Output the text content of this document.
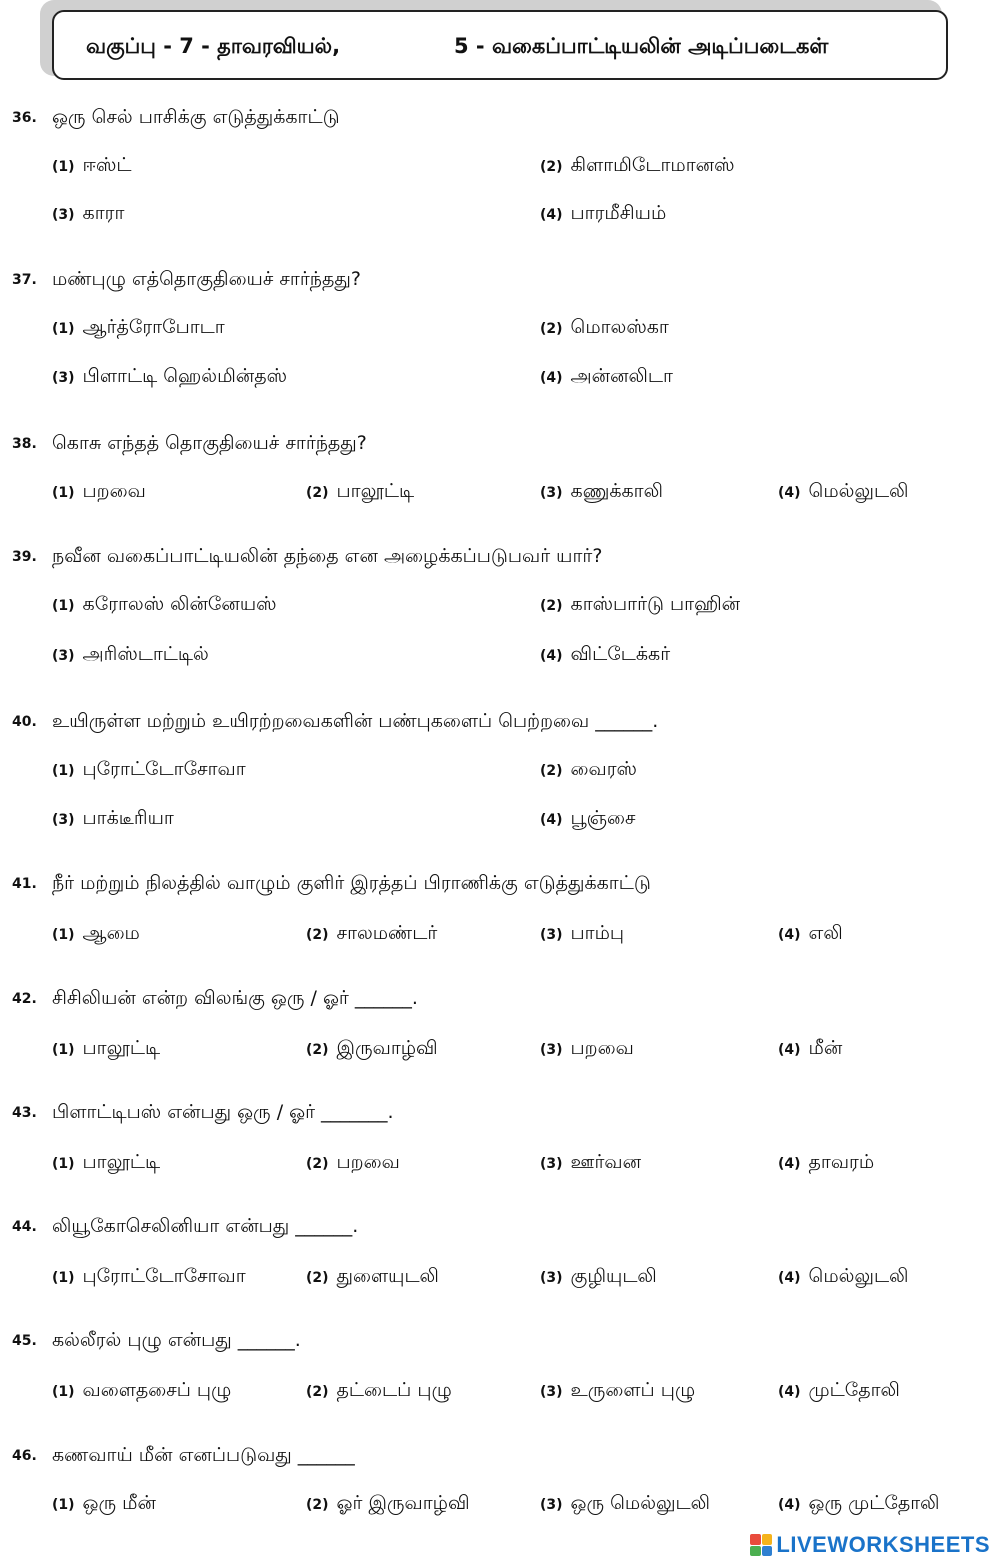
வகுப்பு - 7 - தாவரவியல்,	5 - வகைப்பாட்டியலின் அடிப்படைகள்
36. ஒரு செல் பாசிக்கு எடுத்துக்காட்டு
(1) ஈஸ்ட்	(2) கிளாமிடோமானஸ்
(3) காரா	(4) பாரமீசியம்
37. மண்புழு எத்தொகுதியைச் சார்ந்தது?
(1) ஆர்த்ரோபோடா	(2) மொலஸ்கா
(3) பிளாட்டி ஹெல்மின்தஸ்	(4) அன்னலிடா
38. கொசு எந்தத் தொகுதியைச் சார்ந்தது?
(1) பறவை	(2) பாலூட்டி	(3) கணுக்காலி	(4) மெல்லுடலி
39. நவீன வகைப்பாட்டியலின் தந்தை என அழைக்கப்படுபவர் யார்?
(1) கரோலஸ் லின்னேயஸ்	(2) காஸ்பார்டு பாஹின்
(3) அரிஸ்டாட்டில்	(4) விட்டேக்கர்
40. உயிருள்ள மற்றும் உயிரற்றவைகளின் பண்புகளைப் பெற்றவை ______.
(1) புரோட்டோசோவா	(2) வைரஸ்
(3) பாக்டீரியா	(4) பூஞ்சை
41. நீர் மற்றும் நிலத்தில் வாழும் குளிர் இரத்தப் பிராணிக்கு எடுத்துக்காட்டு
(1) ஆமை	(2) சாலமண்டர்	(3) பாம்பு	(4) எலி
42. சிசிலியன் என்ற விலங்கு ஒரு / ஓர் ______.
(1) பாலூட்டி	(2) இருவாழ்வி	(3) பறவை	(4) மீன்
43. பிளாட்டிபஸ் என்பது ஒரு / ஓர் _______.
(1) பாலூட்டி	(2) பறவை	(3) ஊர்வன	(4) தாவரம்
44. லியூகோசெலினியா என்பது ______.
(1) புரோட்டோசோவா	(2) துளையுடலி	(3) குழியுடலி	(4) மெல்லுடலி
45. கல்லீரல் புழு என்பது ______.
(1) வளைதசைப் புழு	(2) தட்டைப் புழு	(3) உருளைப் புழு	(4) முட்தோலி
46. கணவாய் மீன் எனப்படுவது ______
(1) ஒரு மீன்	(2) ஓர் இருவாழ்வி	(3) ஒரு மெல்லுடலி	(4) ஒரு முட்தோலி
LIVEWORKSHEETS
